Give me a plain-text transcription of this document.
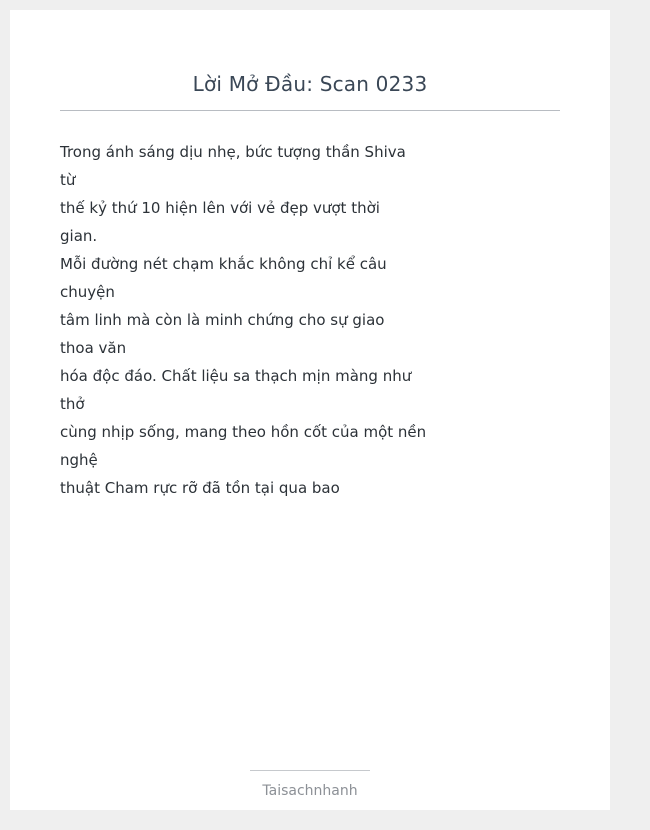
Lời Mở Đầu: Scan 0233

Trong ánh sáng dịu nhẹ, bức tượng thần Shiva
từ
thế kỷ thứ 10 hiện lên với vẻ đẹp vượt thời
gian.
Mỗi đường nét chạm khắc không chỉ kể câu
chuyện
tâm linh mà còn là minh chứng cho sự giao
thoa văn
hóa độc đáo. Chất liệu sa thạch mịn màng như
thở
cùng nhịp sống, mang theo hồn cốt của một nền
nghệ
thuật Cham rực rỡ đã tồn tại qua bao

Taisachnhanh
